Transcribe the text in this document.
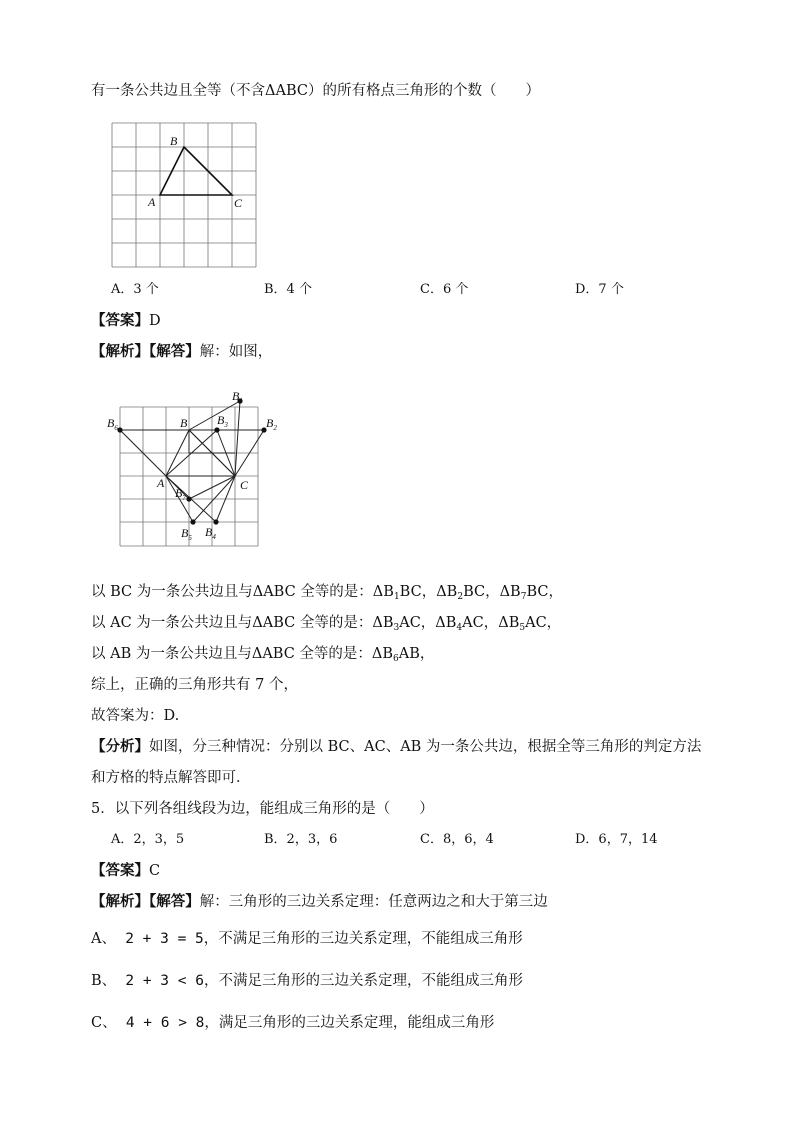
有一条公共边且全等（不含ΔABC）的所有格点三角形的个数（　　）
B
A	C
A．3 个	B．4 个	C．6 个	D．7 个
【答案】D
【解析】【解答】解：如图，
$B_1$
$B_2$
$B_3$
$B_4$
$B_5$
$B_6$
$B_7$
B
A	C
以 BC 为一条公共边且与ΔABC 全等的是：$\Delta B_1BC$，$\Delta B_2BC$，$\Delta B_7BC$，
以 AC 为一条公共边且与ΔABC 全等的是：$\Delta B_3AC$，$\Delta B_4AC$，$\Delta B_5AC$，
以 AB 为一条公共边且与ΔABC 全等的是：$\Delta B_6AB$，
综上，正确的三角形共有 7 个，
故答案为：D.
【分析】如图，分三种情况：分别以 BC、AC、AB 为一条公共边，根据全等三角形的判定方法
和方格的特点解答即可．
5．以下列各组线段为边，能组成三角形的是（　　）
A．2，3，5	B．2，3，6	C．8，6，4	D．6，7，14
【答案】C
【解析】【解答】解：三角形的三边关系定理：任意两边之和大于第三边
A、 2 + 3 = 5，不满足三角形的三边关系定理，不能组成三角形
B、 2 + 3 < 6，不满足三角形的三边关系定理，不能组成三角形
C、 4 + 6 > 8，满足三角形的三边关系定理，能组成三角形
